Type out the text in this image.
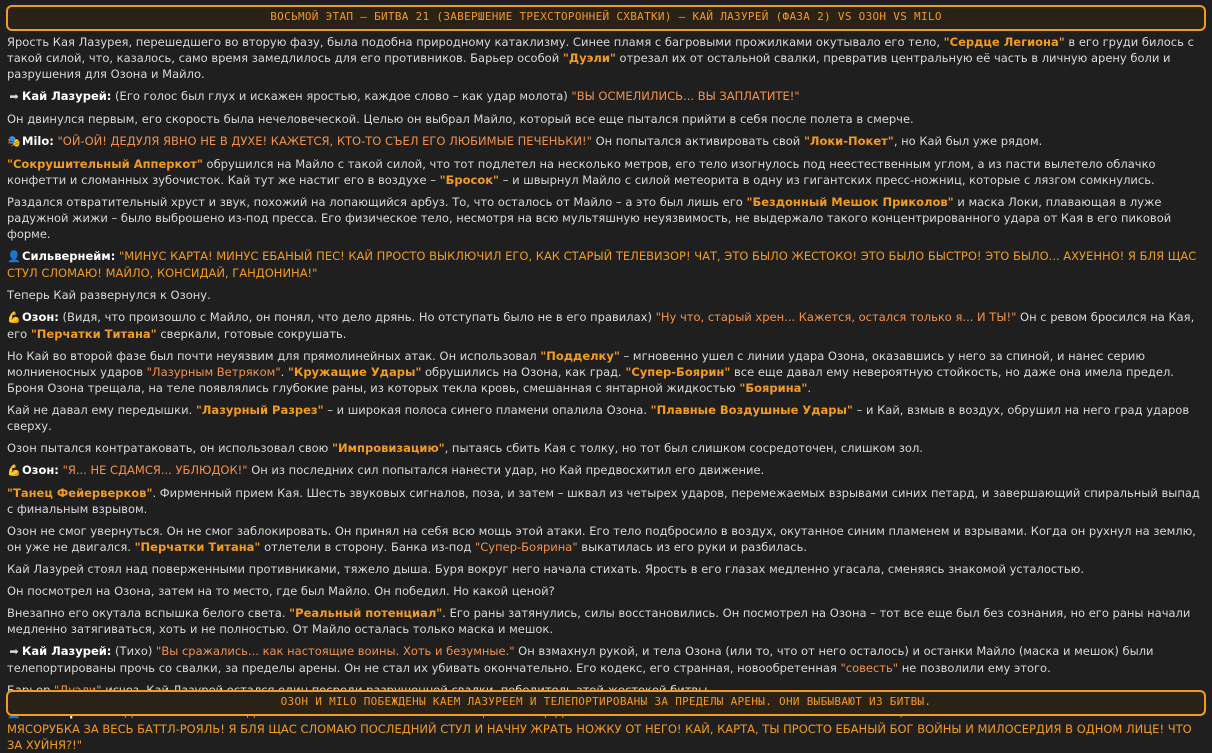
ВОСЬМОЙ ЭТАП – БИТВА 21 (ЗАВЕРШЕНИЕ ТРЕХСТОРОННЕЙ СХВАТКИ) – КАЙ ЛАЗУРЕЙ (ФАЗА 2) VS ОЗОН VS MILO

Ярость Кая Лазурея, перешедшего во вторую фазу, была подобна природному катаклизму. Синее пламя с багровыми прожилками окутывало его тело, "Сердце Легиона" в его груди билось с такой силой, что, казалось, само время замедлилось для его противников. Барьер особой "Дуэли" отрезал их от остальной свалки, превратив центральную её часть в личную арену боли и разрушения для Озона и Майло.

➡ Кай Лазурей: (Его голос был глух и искажен яростью, каждое слово – как удар молота) "ВЫ ОСМЕЛИЛИСЬ... ВЫ ЗАПЛАТИТЕ!"

Он двинулся первым, его скорость была нечеловеческой. Целью он выбрал Майло, который все еще пытался прийти в себя после полета в смерче.

🎭Milo: "ОЙ-ОЙ! ДЕДУЛЯ ЯВНО НЕ В ДУХЕ! КАЖЕТСЯ, КТО-ТО СЪЕЛ ЕГО ЛЮБИМЫЕ ПЕЧЕНЬКИ!" Он попытался активировать свой "Локи-Покет", но Кай был уже рядом.

"Сокрушительный Апперкот" обрушился на Майло с такой силой, что тот подлетел на несколько метров, его тело изогнулось под неестественным углом, а из пасти вылетело облачко конфетти и сломанных зубочисток. Кай тут же настиг его в воздухе – "Бросок" – и швырнул Майло с силой метеорита в одну из гигантских пресс-ножниц, которые с лязгом сомкнулись.

Раздался отвратительный хруст и звук, похожий на лопающийся арбуз. То, что осталось от Майло – а это был лишь его "Бездонный Мешок Приколов" и маска Локи, плавающая в луже радужной жижи – было выброшено из-под пресса. Его физическое тело, несмотря на всю мультяшную неуязвимость, не выдержало такого концентрированного удара от Кая в его пиковой форме.

👤Сильвернейм: "МИНУС КАРТА! МИНУС ЕБАНЫЙ ПЕС! КАЙ ПРОСТО ВЫКЛЮЧИЛ ЕГО, КАК СТАРЫЙ ТЕЛЕВИЗОР! ЧАТ, ЭТО БЫЛО ЖЕСТОКО! ЭТО БЫЛО БЫСТРО! ЭТО БЫЛО... АХУЕННО! Я БЛЯ ЩАС СТУЛ СЛОМАЮ! МАЙЛО, КОНСИДАЙ, ГАНДОНИНА!"

Теперь Кай развернулся к Озону.

💪Озон: (Видя, что произошло с Майло, он понял, что дело дрянь. Но отступать было не в его правилах) "Ну что, старый хрен... Кажется, остался только я... И ТЫ!" Он с ревом бросился на Кая, его "Перчатки Титана" сверкали, готовые сокрушать.

Но Кай во второй фазе был почти неуязвим для прямолинейных атак. Он использовал "Подделку" – мгновенно ушел с линии удара Озона, оказавшись у него за спиной, и нанес серию молниеносных ударов "Лазурным Ветряком". "Кружащие Удары" обрушились на Озона, как град. "Супер-Боярин" все еще давал ему невероятную стойкость, но даже она имела предел. Броня Озона трещала, на теле появлялись глубокие раны, из которых текла кровь, смешанная с янтарной жидкостью "Боярина".

Кай не давал ему передышки. "Лазурный Разрез" – и широкая полоса синего пламени опалила Озона. "Плавные Воздушные Удары" – и Кай, взмыв в воздух, обрушил на него град ударов сверху.

Озон пытался контратаковать, он использовал свою "Импровизацию", пытаясь сбить Кая с толку, но тот был слишком сосредоточен, слишком зол.

💪Озон: "Я... НЕ СДАМСЯ... УБЛЮДОК!" Он из последних сил попытался нанести удар, но Кай предвосхитил его движение.

"Танец Фейерверков". Фирменный прием Кая. Шесть звуковых сигналов, поза, и затем – шквал из четырех ударов, перемежаемых взрывами синих петард, и завершающий спиральный выпад с финальным взрывом.

Озон не смог увернуться. Он не смог заблокировать. Он принял на себя всю мощь этой атаки. Его тело подбросило в воздух, окутанное синим пламенем и взрывами. Когда он рухнул на землю, он уже не двигался. "Перчатки Титана" отлетели в сторону. Банка из-под "Супер-Боярина" выкатилась из его руки и разбилась.

Кай Лазурей стоял над поверженными противниками, тяжело дыша. Буря вокруг него начала стихать. Ярость в его глазах медленно угасала, сменяясь знакомой усталостью.

Он посмотрел на Озона, затем на то место, где был Майло. Он победил. Но какой ценой?

Внезапно его окутала вспышка белого света. "Реальный потенциал". Его раны затянулись, силы восстановились. Он посмотрел на Озона – тот все еще был без сознания, но его раны начали медленно затягиваться, хоть и не полностью. От Майло осталась только маска и мешок.

➡ Кай Лазурей: (Тихо) "Вы сражались... как настоящие воины. Хоть и безумные." Он взмахнул рукой, и тела Озона (или то, что от него осталось) и останки Майло (маска и мешок) были телепортированы прочь со свалки, за пределы арены. Он не стал их убивать окончательно. Его кодекс, его странная, новообретенная "совесть" не позволили ему этого.

МЯСОРУБКА ЗА ВЕСЬ БАТТЛ-РОЯЛЬ! Я БЛЯ ЩАС СЛОМАЮ ПОСЛЕДНИЙ СТУЛ И НАЧНУ ЖРАТЬ НОЖКУ ОТ НЕГО! КАЙ, КАРТА, ТЫ ПРОСТО ЕБАНЫЙ БОГ ВОЙНЫ И МИЛОСЕРДИЯ В ОДНОМ ЛИЦЕ! ЧТО ЗА ХУЙНЯ?!"

ОЗОН И MILO ПОБЕЖДЕНЫ КАЕМ ЛАЗУРЕЕМ И ТЕЛЕПОРТИРОВАНЫ ЗА ПРЕДЕЛЫ АРЕНЫ. ОНИ ВЫБЫВАЮТ ИЗ БИТВЫ.
